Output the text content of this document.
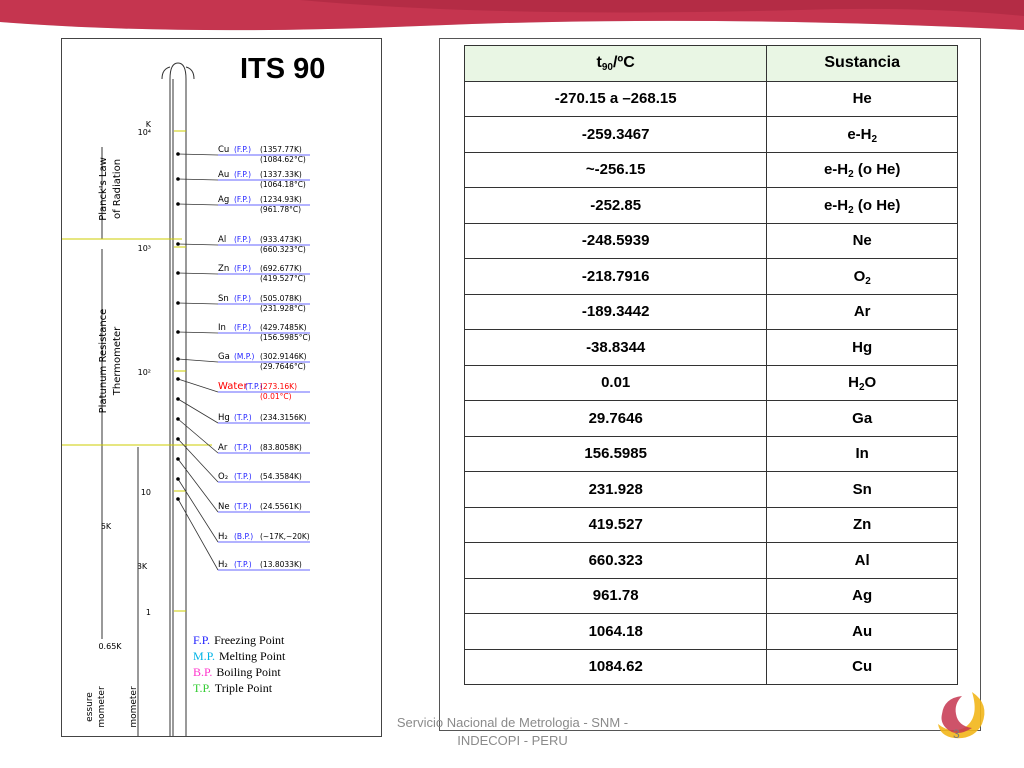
ITS 90
K
10⁴
10³
10²
10
1
Planck's Law of Radiation
Platunum Resistance Thermometer
5K
3K
0.65K
essure mometer mometer
Cu (F.P.) (1357.77K)
(1084.62°C)
Au (F.P.) (1337.33K)
(1064.18°C)
Ag (F.P.) (1234.93K)
(961.78°C)
Al (F.P.) (933.473K)
(660.323°C)
Zn (F.P.) (692.677K)
(419.527°C)
Sn (F.P.) (505.078K)
(231.928°C)
In (F.P.) (429.7485K)
(156.5985°C)
Ga (M.P.) (302.9146K)
(29.7646°C)
Water
(T.P.)
(273.16K)
(0.01°C)
Hg (T.P.) (234.3156K)
Ar (T.P.) (83.8058K)
O₂ (T.P.) (54.3584K)
Ne (T.P.) (24.5561K)
H₂ (B.P.) (~17K,~20K)
H₂ (T.P.) (13.8033K)
F.P. Freezing Point
M.P. Melting Point
B.P. Boiling Point
T.P. Triple Point
$t_{90}/ºC$	Sustancia
-270.15 a –268.15	He
-259.3467	$e-H_2$
~-256.15	$e-H_2$ (o He)
-252.85	$e-H_2$ (o He)
-248.5939	Ne
-218.7916	$O_2$
-189.3442	Ar
-38.8344	Hg
0.01	$H_2O$
29.7646	Ga
156.5985	In
231.928	Sn
419.527	Zn
660.323	Al
961.78	Ag
1064.18	Au
1084.62	Cu
Servicio Nacional de Metrologia - SNM -
INDECOPI - PERU	3
